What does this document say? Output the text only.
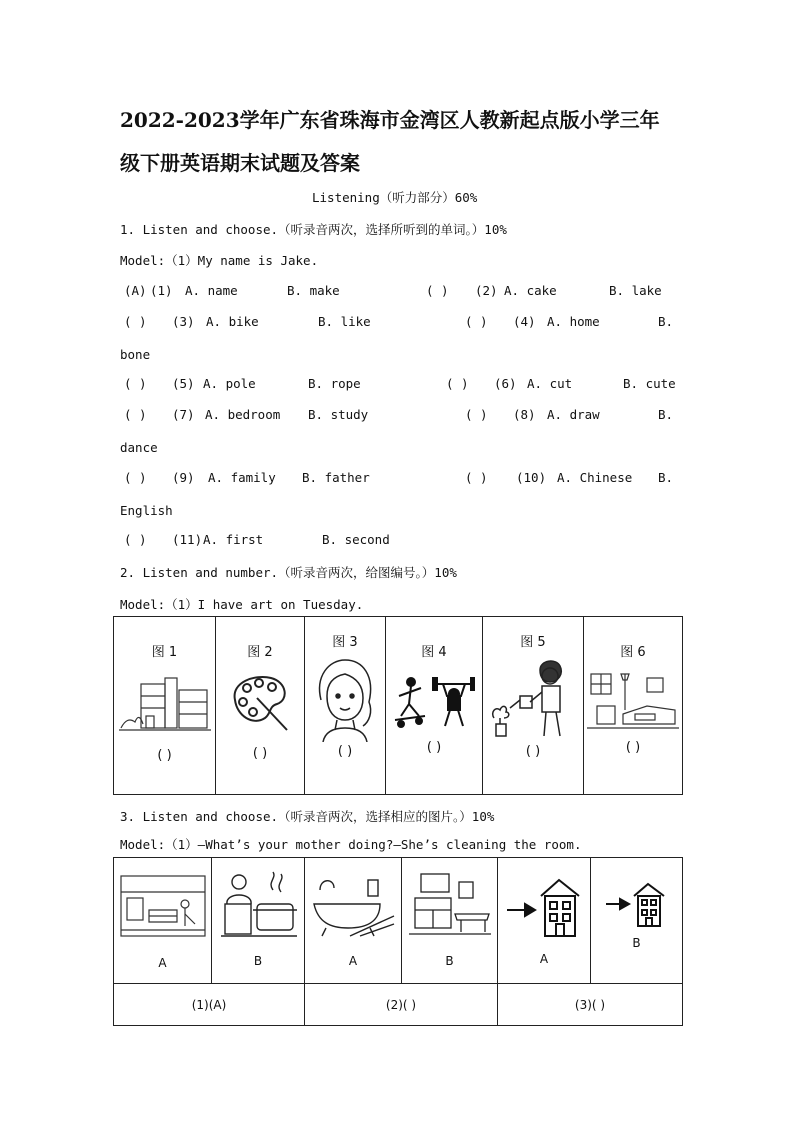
2022-2023学年广东省珠海市金湾区人教新起点版小学三年
级下册英语期末试题及答案
Listening（听力部分）60%
1. Listen and choose.（听录音两次，选择所听到的单词。）10%
Model:（1）My name is Jake.
(A) (1) A. name	B. make	( ) (2) A. cake	B. lake
( ) (3) A. bike	B. like	( ) (4) A. home	B.
bone
( ) (5) A. pole	B. rope	( ) (6) A. cut	B. cute
( ) (7) A. bedroom B. study	( ) (8) A. draw	B.
dance
( ) (9) A. family B. father	( ) (10) A. Chinese B.
English
( ) (11) A. first	B. second
2. Listen and number.（听录音两次，给图编号。）10%
Model:（1）I have art on Tuesday.
图 1
( )

图 2
( )

图 3
( )

图 4
( )

图 5
( )

图 6
( )
3. Listen and choose.（听录音两次，选择相应的图片。）10%
Model:（1）—What’s your mother doing?—She’s cleaning the room.
A	B	A	B	A	B

(1)(A)		(2)( )		(3)( )	
